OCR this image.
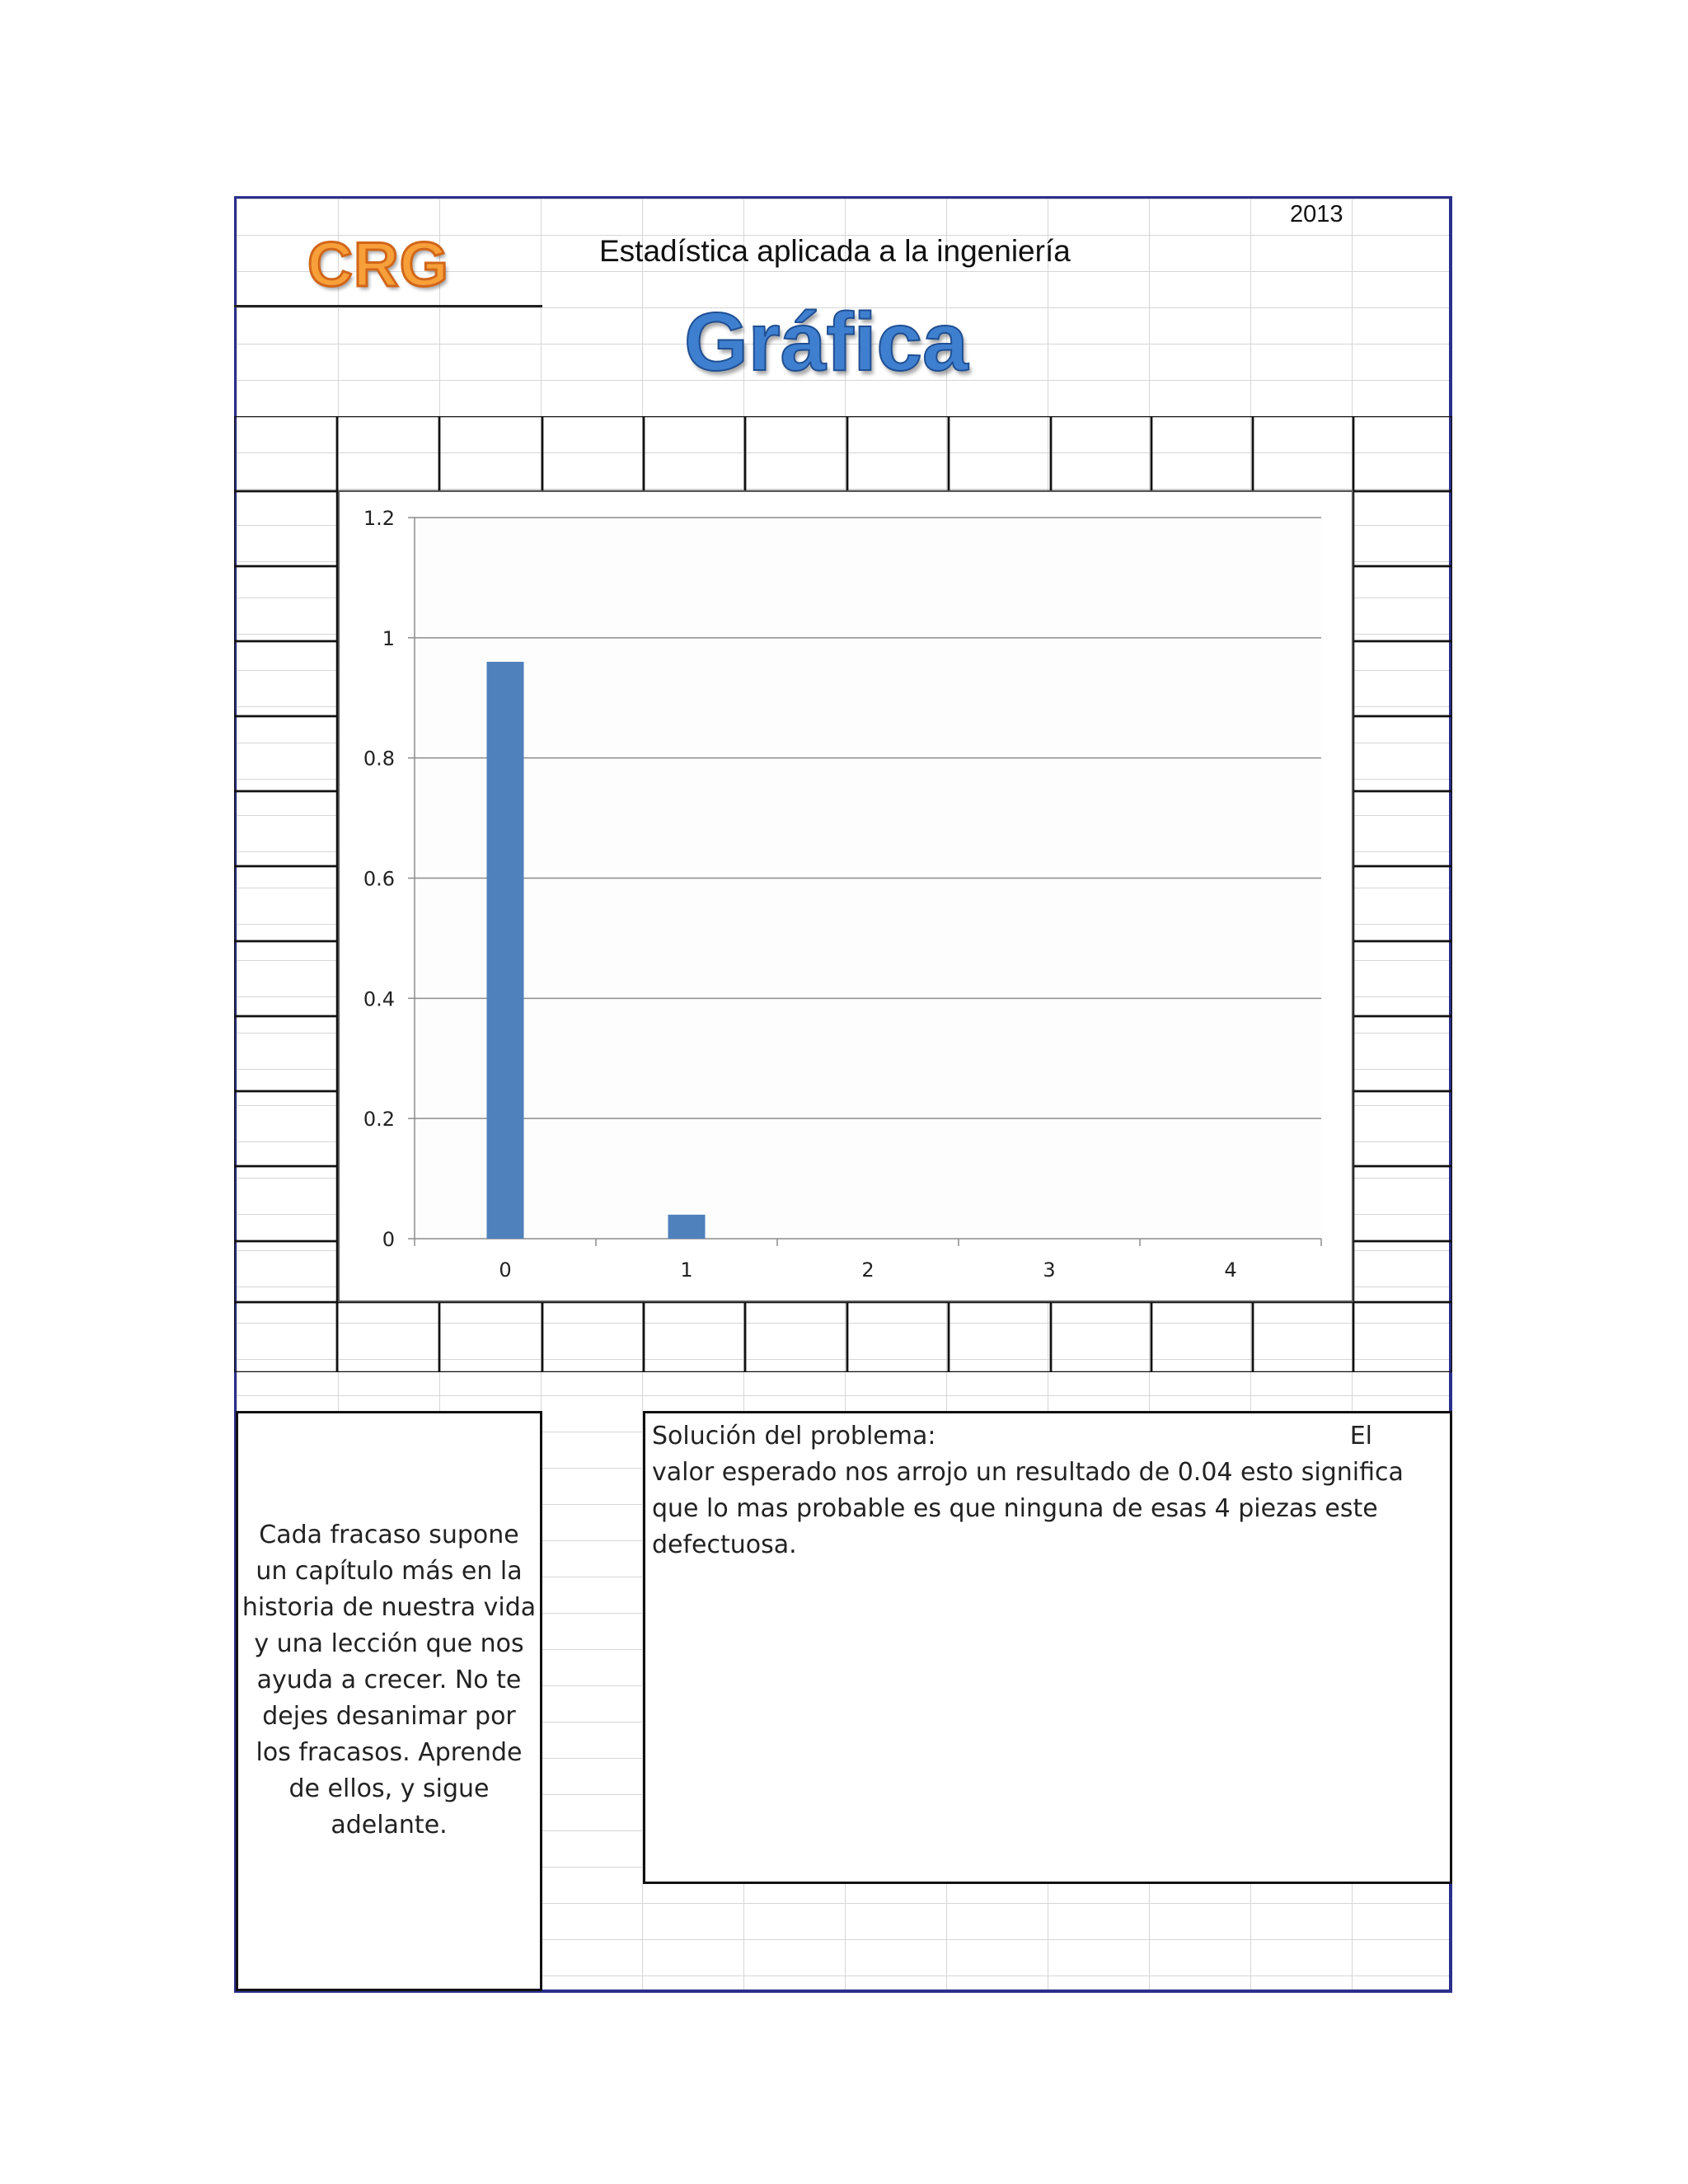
2013
CRG	Estadística aplicada a la ingeniería
Gráfica
0
0.2
0.4
0.6
0.8
1
1.2
0	1	2	3	4
Cada fracaso supone un capítulo más en la historia de nuestra vida y una lección que nos ayuda a crecer. No te dejes desanimar por los fracasos. Aprende de ellos, y sigue adelante.
Solución del problema:	El
valor esperado nos arrojo un resultado de 0.04 esto significa que lo mas probable es que ninguna de esas 4 piezas este defectuosa.
